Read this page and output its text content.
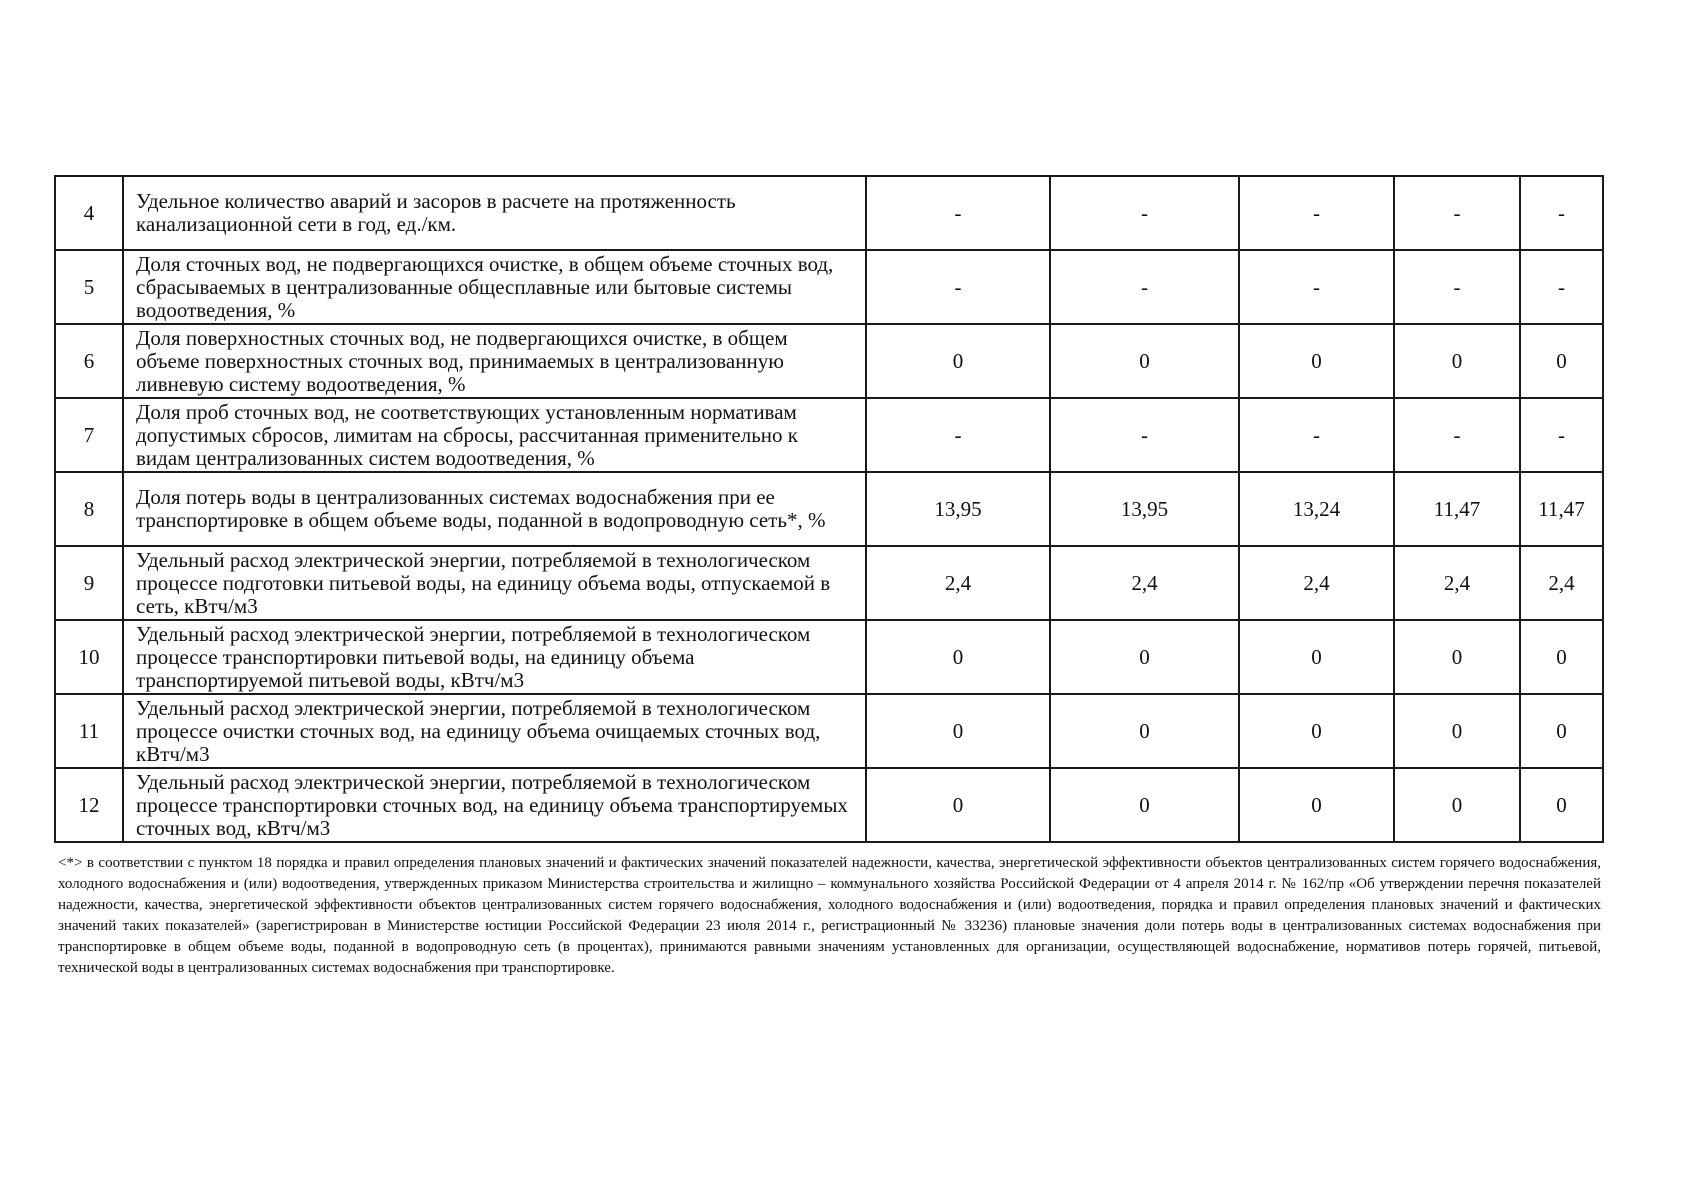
4	Удельное количество аварий и засоров в расчете на протяженность канализационной сети в год, ед./км.	-	-	-	-	-
5	Доля сточных вод, не подвергающихся очистке, в общем объеме сточных вод, сбрасываемых в централизованные общесплавные или бытовые системы водоотведения, %	-	-	-	-	-
6	Доля поверхностных сточных вод, не подвергающихся очистке, в общем объеме поверхностных сточных вод, принимаемых в централизованную ливневую систему водоотведения, %	0	0	0	0	0
7	Доля проб сточных вод, не соответствующих установленным нормативам допустимых сбросов, лимитам на сбросы, рассчитанная применительно к видам централизованных систем водоотведения, %	-	-	-	-	-
8	Доля потерь воды в централизованных системах водоснабжения при ее транспортировке в общем объеме воды, поданной в водопроводную сеть*, %	13,95	13,95	13,24	11,47	11,47
9	Удельный расход электрической энергии, потребляемой в технологическом процессе подготовки питьевой воды, на единицу объема воды, отпускаемой в сеть, кВтч/м3	2,4	2,4	2,4	2,4	2,4
10	Удельный расход электрической энергии, потребляемой в технологическом процессе транспортировки питьевой воды, на единицу объема транспортируемой питьевой воды, кВтч/м3	0	0	0	0	0
11	Удельный расход электрической энергии, потребляемой в технологическом процессе очистки сточных вод, на единицу объема очищаемых сточных вод, кВтч/м3	0	0	0	0	0
12	Удельный расход электрической энергии, потребляемой в технологическом процессе транспортировки сточных вод, на единицу объема транспортируемых сточных вод, кВтч/м3	0	0	0	0	0
<*> в соответствии с пунктом 18 порядка и правил определения плановых значений и фактических значений показателей надежности, качества, энергетической эффективности объектов централизованных систем горячего водоснабжения, холодного водоснабжения и (или) водоотведения, утвержденных приказом Министерства строительства и жилищно – коммунального хозяйства Российской Федерации от 4 апреля 2014 г. № 162/пр «Об утверждении перечня показателей надежности, качества, энергетической эффективности объектов централизованных систем горячего водоснабжения, холодного водоснабжения и (или) водоотведения, порядка и правил определения плановых значений и фактических значений таких показателей» (зарегистрирован в Министерстве юстиции Российской Федерации 23 июля 2014 г., регистрационный № 33236) плановые значения доли потерь воды в централизованных системах водоснабжения при транспортировке в общем объеме воды, поданной в водопроводную сеть (в процентах), принимаются равными значениям установленных для организации, осуществляющей водоснабжение, нормативов потерь горячей, питьевой, технической воды в централизованных системах водоснабжения при транспортировке.
